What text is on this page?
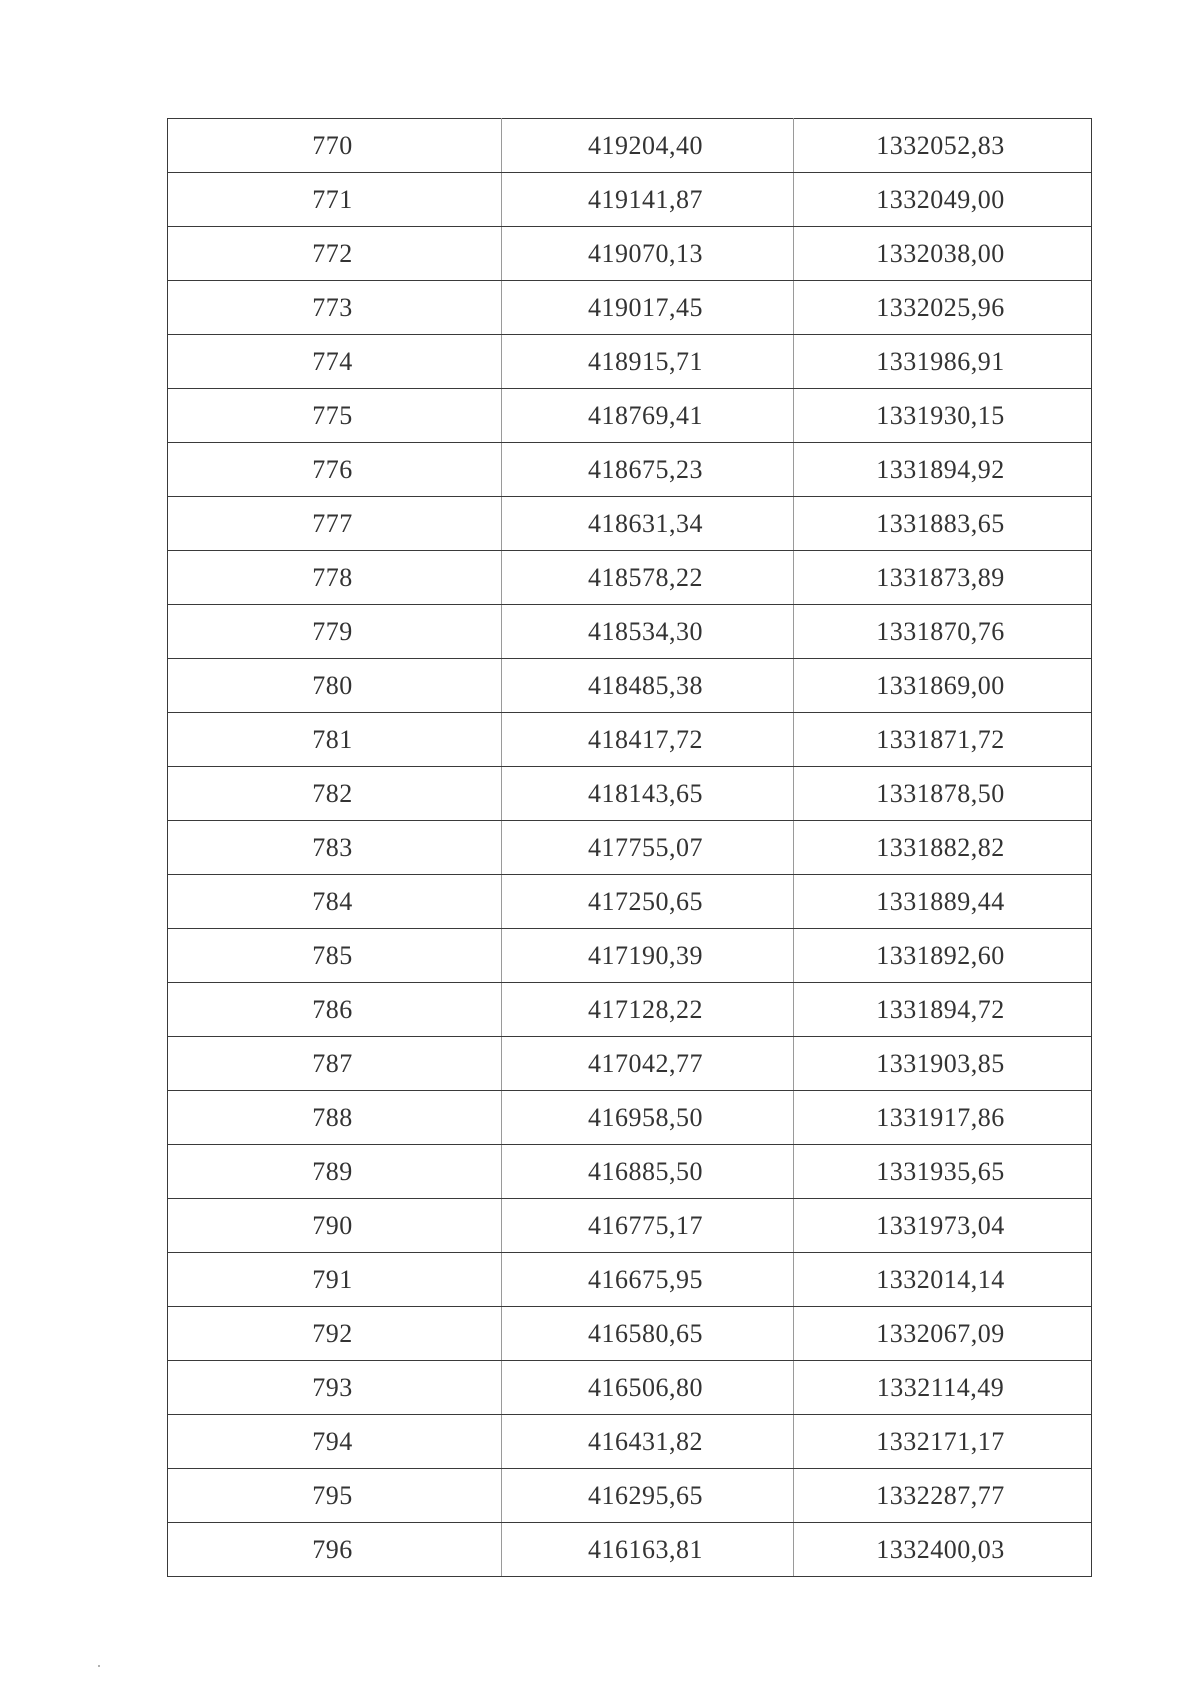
770	419204,40	1332052,83
771	419141,87	1332049,00
772	419070,13	1332038,00
773	419017,45	1332025,96
774	418915,71	1331986,91
775	418769,41	1331930,15
776	418675,23	1331894,92
777	418631,34	1331883,65
778	418578,22	1331873,89
779	418534,30	1331870,76
780	418485,38	1331869,00
781	418417,72	1331871,72
782	418143,65	1331878,50
783	417755,07	1331882,82
784	417250,65	1331889,44
785	417190,39	1331892,60
786	417128,22	1331894,72
787	417042,77	1331903,85
788	416958,50	1331917,86
789	416885,50	1331935,65
790	416775,17	1331973,04
791	416675,95	1332014,14
792	416580,65	1332067,09
793	416506,80	1332114,49
794	416431,82	1332171,17
795	416295,65	1332287,77
796	416163,81	1332400,03
